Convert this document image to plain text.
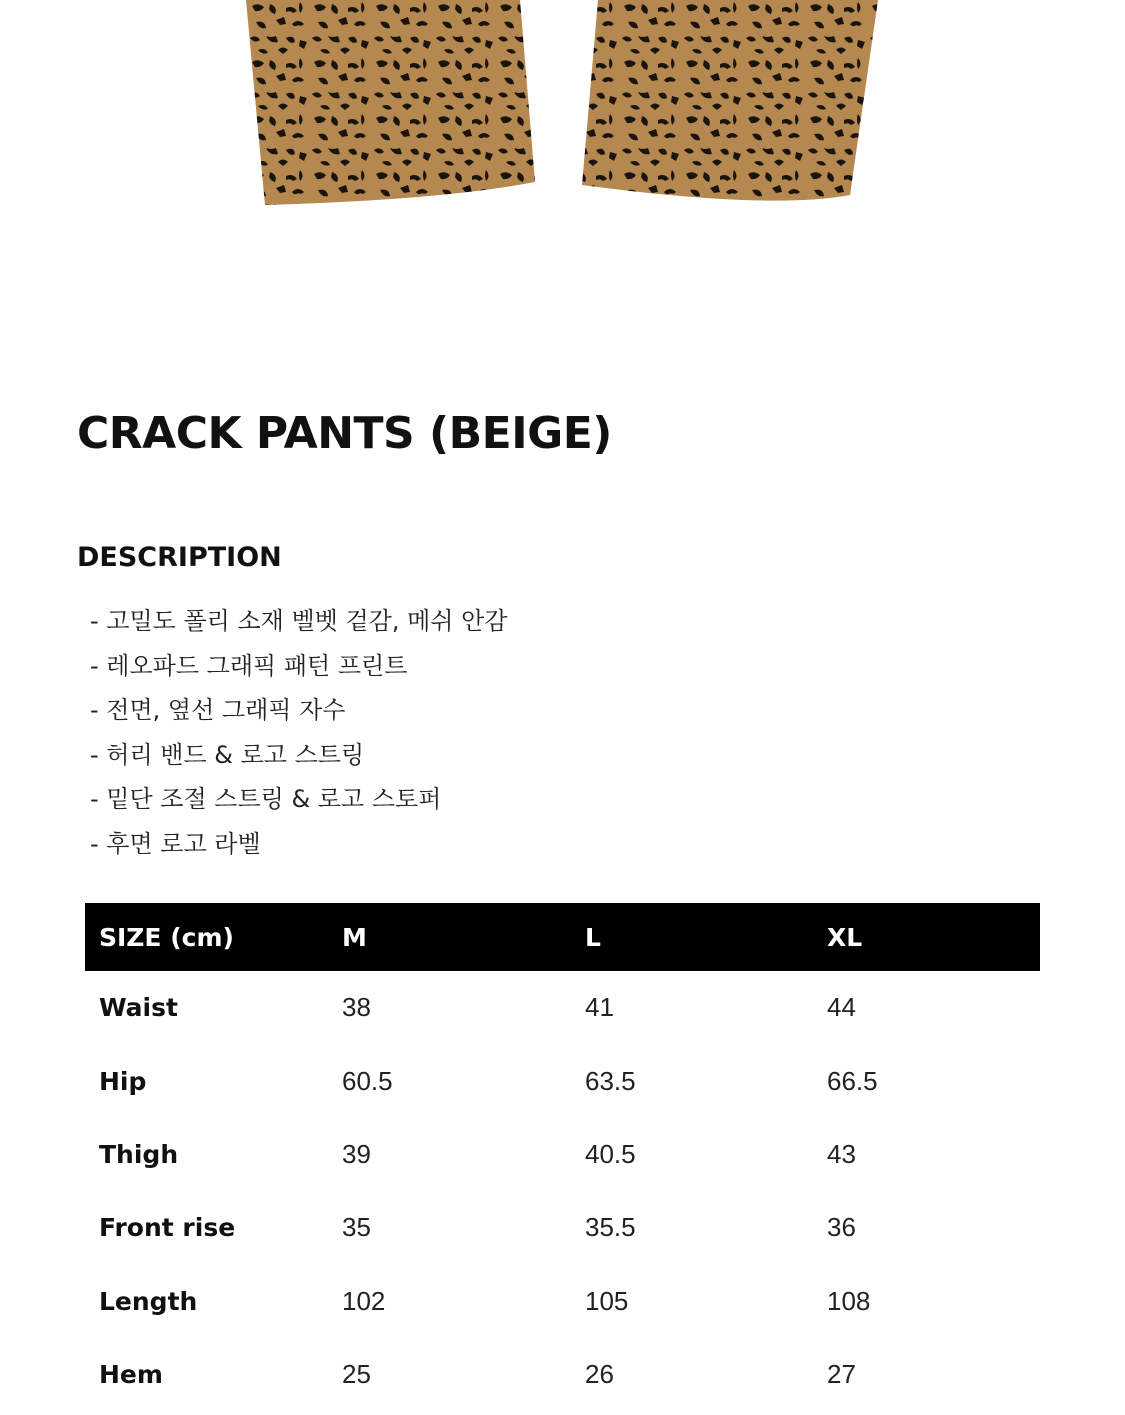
CRACK PANTS (BEIGE)
DESCRIPTION
- 고밀도 폴리 소재 벨벳 겉감, 메쉬 안감
- 레오파드 그래픽 패턴 프린트
- 전면, 옆선 그래픽 자수
- 허리 밴드 & 로고 스트링
- 밑단 조절 스트링 & 로고 스토퍼
- 후면 로고 라벨
SIZE (cm)	M	L	XL
Waist	38	41	44
Hip	60.5	63.5	66.5
Thigh	39	40.5	43
Front rise	35	35.5	36
Length	102	105	108
Hem	25	26	27
